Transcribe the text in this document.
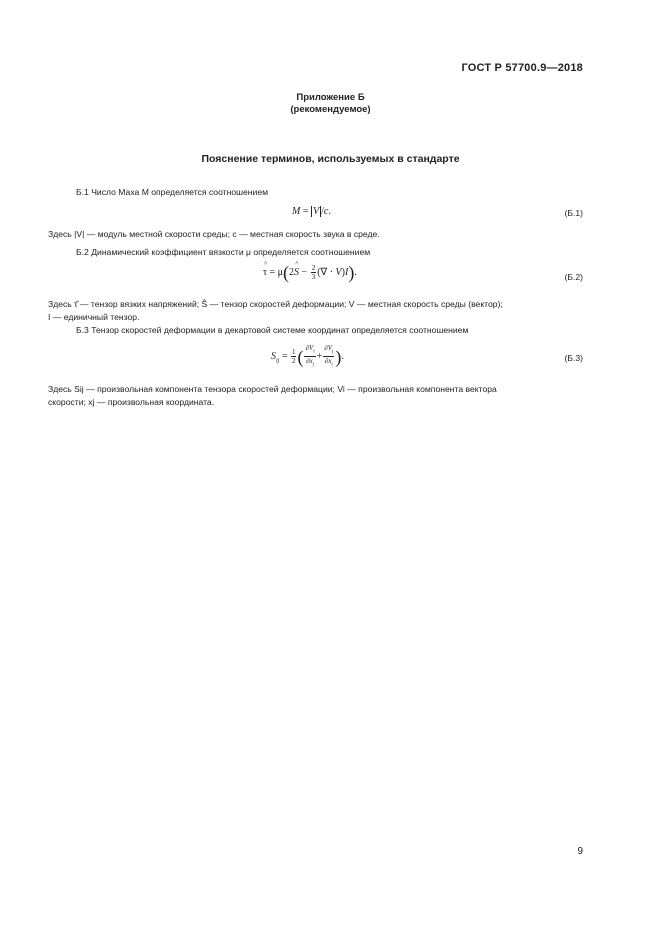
ГОСТ Р 57700.9—2018
Приложение Б
(рекомендуемое)
Пояснение терминов, используемых в стандарте
Б.1 Число Маха M определяется соотношением
M = V /c.	(Б.1)
Здесь |V| — модуль местной скорости среды; c — местная скорость звука в среде.
Б.2 Динамический коэффициент вязкости μ определяется соотношением
^ τ = μ(2^ $S - \frac{2}{3}$ (∇ · V)I).	(Б.2)
Здесь τ̂ — тензор вязких напряжений; Ŝ — тензор скоростей деформации; V — местная скорость среды (вектор);
I — единичный тензор.
Б.3 Тензор скоростей деформации в декартовой системе координат определяется соотношением
$S_{ij} = \frac{1}{2}$ ( $\frac{\partial V_i}{\partial x_j} + \frac{\partial V_j}{\partial x_i}$ ).	(Б.3)
Здесь Sij — произвольная компонента тензора скоростей деформации; Vi — произвольная компонента вектора
скорости; xj — произвольная координата.
9
